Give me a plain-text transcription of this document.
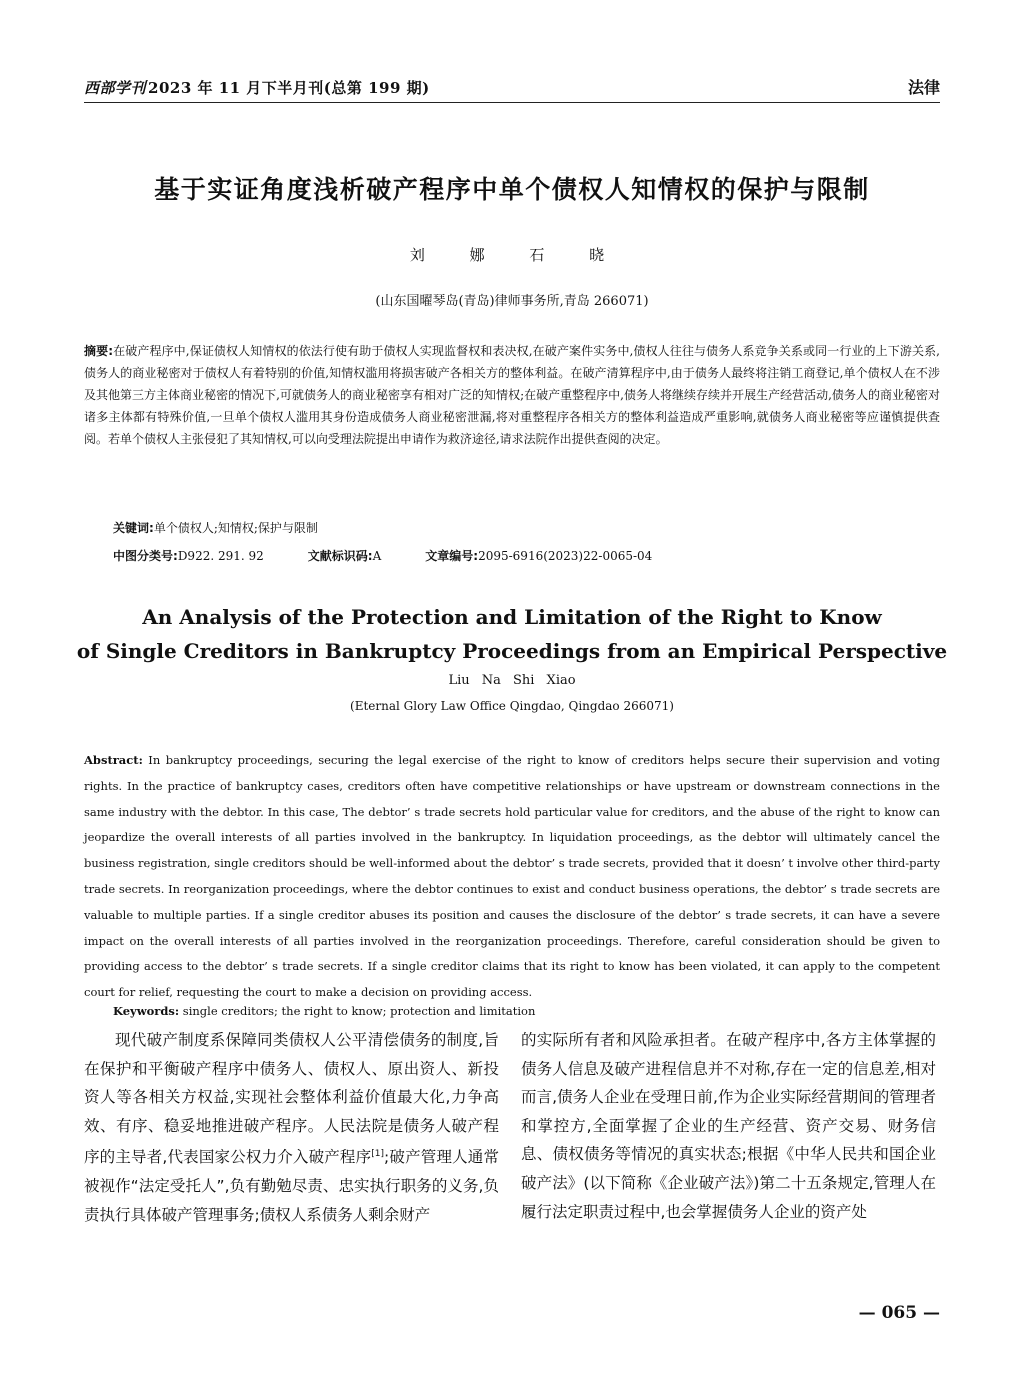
西部学刊 2023 年 11 月下半月刊(总第 199 期)	法律
基于实证角度浅析破产程序中单个债权人知情权的保护与限制
刘 娜 石 晓
(山东国曜琴岛(青岛)律师事务所,青岛 266071)
摘要:在破产程序中,保证债权人知情权的依法行使有助于债权人实现监督权和表决权,在破产案件实务中,债权人往往与债务人系竞争关系或同一行业的上下游关系,债务人的商业秘密对于债权人有着特别的价值,知情权滥用将损害破产各相关方的整体利益。在破产清算程序中,由于债务人最终将注销工商登记,单个债权人在不涉及其他第三方主体商业秘密的情况下,可就债务人的商业秘密享有相对广泛的知情权;在破产重整程序中,债务人将继续存续并开展生产经营活动,债务人的商业秘密对诸多主体都有特殊价值,一旦单个债权人滥用其身份造成债务人商业秘密泄漏,将对重整程序各相关方的整体利益造成严重影响,就债务人商业秘密等应谨慎提供查阅。若单个债权人主张侵犯了其知情权,可以向受理法院提出申请作为救济途径,请求法院作出提供查阅的决定。
关键词:单个债权人;知情权;保护与限制
中图分类号:D922. 291. 92	文献标识码:A	文章编号:2095-6916(2023)22-0065-04
An Analysis of the Protection and Limitation of the Right to Know
of Single Creditors in Bankruptcy Proceedings from an Empirical Perspective
Liu Na Shi Xiao
(Eternal Glory Law Office Qingdao, Qingdao 266071)
Abstract: In bankruptcy proceedings, securing the legal exercise of the right to know of creditors helps secure their supervision and voting rights. In the practice of bankruptcy cases, creditors often have competitive relationships or have upstream or downstream connections in the same industry with the debtor. In this case, The debtor’ s trade secrets hold particular value for creditors, and the abuse of the right to know can jeopardize the overall interests of all parties involved in the bankruptcy. In liquidation proceedings, as the debtor will ultimately cancel the business registration, single creditors should be well-informed about the debtor’ s trade secrets, provided that it doesn’ t involve other third-party trade secrets. In reorganization proceedings, where the debtor continues to exist and conduct business operations, the debtor’ s trade secrets are valuable to multiple parties. If a single creditor abuses its position and causes the disclosure of the debtor’ s trade secrets, it can have a severe impact on the overall interests of all parties involved in the reorganization proceedings. Therefore, careful consideration should be given to providing access to the debtor’ s trade secrets. If a single creditor claims that its right to know has been violated, it can apply to the competent court for relief, requesting the court to make a decision on providing access.
Keywords: single creditors; the right to know; protection and limitation
现代破产制度系保障同类债权人公平清偿债务的制度,旨在保护和平衡破产程序中债务人、债权人、原出资人、新投资人等各相关方权益,实现社会整体利益价值最大化,力争高效、有序、稳妥地推进破产程序。人民法院是债务人破产程序的主导者,代表国家公权力介入破产程序[1];破产管理人通常被视作“法定受托人”,负有勤勉尽责、忠实执行职务的义务,负责执行具体破产管理事务;债权人系债务人剩余财产
的实际所有者和风险承担者。在破产程序中,各方主体掌握的债务人信息及破产进程信息并不对称,存在一定的信息差,相对而言,债务人企业在受理日前,作为企业实际经营期间的管理者和掌控方,全面掌握了企业的生产经营、资产交易、财务信息、债权债务等情况的真实状态;根据《中华人民共和国企业破产法》(以下简称《企业破产法》)第二十五条规定,管理人在履行法定职责过程中,也会掌握债务人企业的资产处
— 065 —
